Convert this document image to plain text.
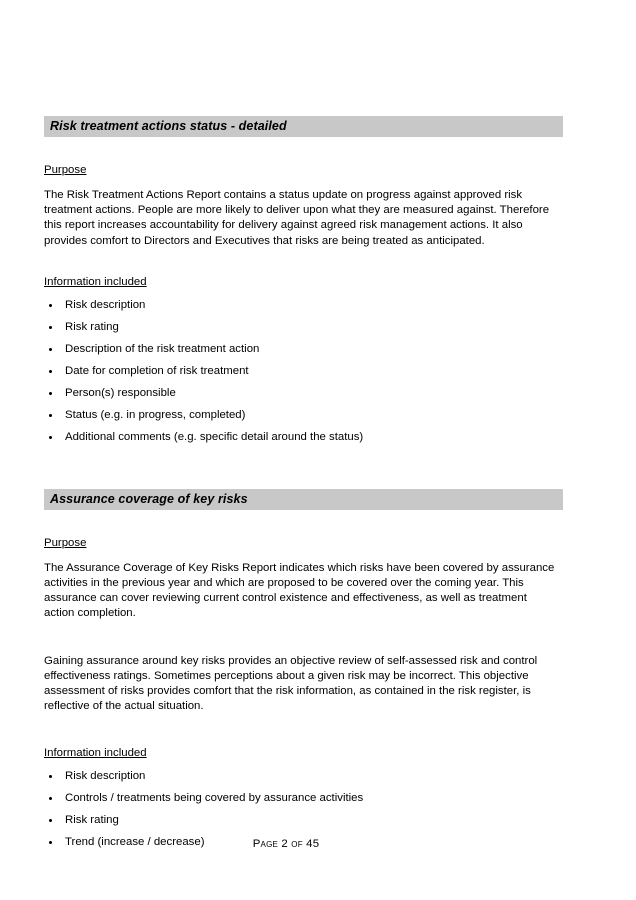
Risk treatment actions status - detailed
Purpose

The Risk Treatment Actions Report contains a status update on progress against approved risk treatment actions. People are more likely to deliver upon what they are measured against. Therefore this report increases accountability for delivery against agreed risk management actions. It also provides comfort to Directors and Executives that risks are being treated as anticipated.

Information included
Risk description
Risk rating
Description of the risk treatment action
Date for completion of risk treatment
Person(s) responsible
Status (e.g. in progress, completed)
Additional comments (e.g. specific detail around the status)
Assurance coverage of key risks
Purpose

The Assurance Coverage of Key Risks Report indicates which risks have been covered by assurance activities in the previous year and which are proposed to be covered over the coming year. This assurance can cover reviewing current control existence and effectiveness, as well as treatment action completion.

Gaining assurance around key risks provides an objective review of self-assessed risk and control effectiveness ratings. Sometimes perceptions about a given risk may be incorrect. This objective assessment of risks provides comfort that the risk information, as contained in the risk register, is reflective of the actual situation.

Information included
Risk description
Controls / treatments being covered by assurance activities
Risk rating
Trend (increase / decrease)	Page 2 of 45
